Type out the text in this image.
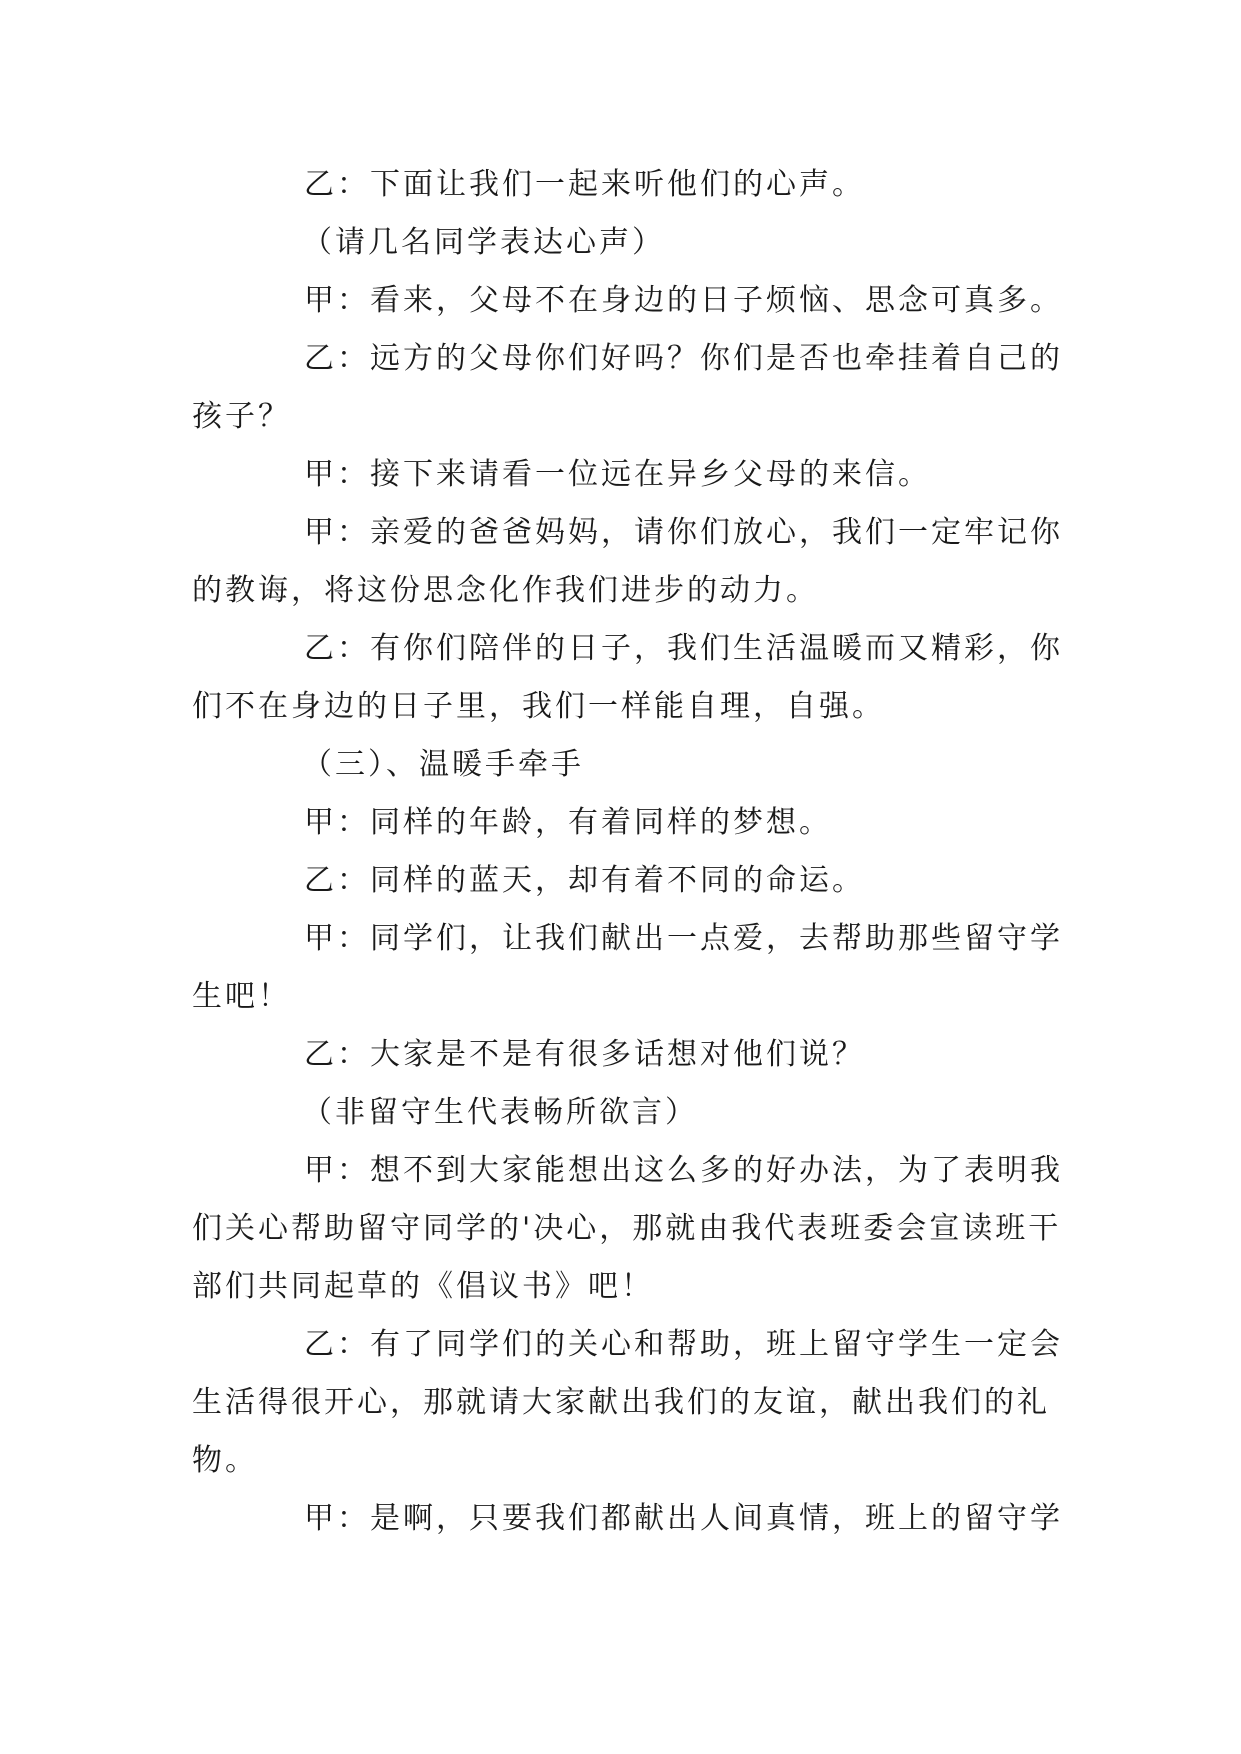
乙：下面让我们一起来听他们的心声。

（请几名同学表达心声）

甲：看来，父母不在身边的日子烦恼、思念可真多。

乙：远方的父母你们好吗？你们是否也牵挂着自己的孩子？

甲：接下来请看一位远在异乡父母的来信。

甲：亲爱的爸爸妈妈，请你们放心，我们一定牢记你的教诲，将这份思念化作我们进步的动力。

乙：有你们陪伴的日子，我们生活温暖而又精彩，你们不在身边的日子里，我们一样能自理，自强。

（三）、温暖手牵手

甲：同样的年龄，有着同样的梦想。

乙：同样的蓝天，却有着不同的命运。

甲：同学们，让我们献出一点爱，去帮助那些留守学生吧！

乙：大家是不是有很多话想对他们说？

（非留守生代表畅所欲言）

甲：想不到大家能想出这么多的好办法，为了表明我们关心帮助留守同学的'决心，那就由我代表班委会宣读班干部们共同起草的《倡议书》吧！

乙：有了同学们的关心和帮助，班上留守学生一定会生活得很开心，那就请大家献出我们的友谊，献出我们的礼物。

甲：是啊，只要我们都献出人间真情，班上的留守学
